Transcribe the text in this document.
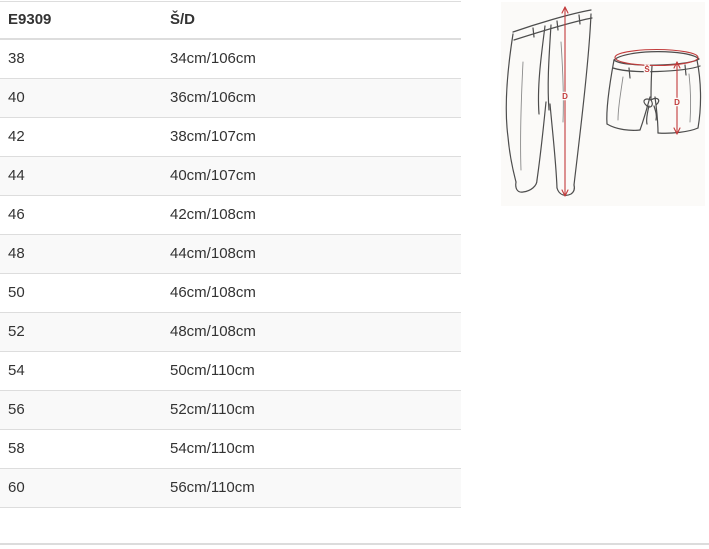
E9309	Š/D
38	34cm/106cm
40	36cm/106cm
42	38cm/107cm
44	40cm/107cm
46	42cm/108cm
48	44cm/108cm
50	46cm/108cm
52	48cm/108cm
54	50cm/110cm
56	52cm/110cm
58	54cm/110cm
60	56cm/110cm
D
Š
D
